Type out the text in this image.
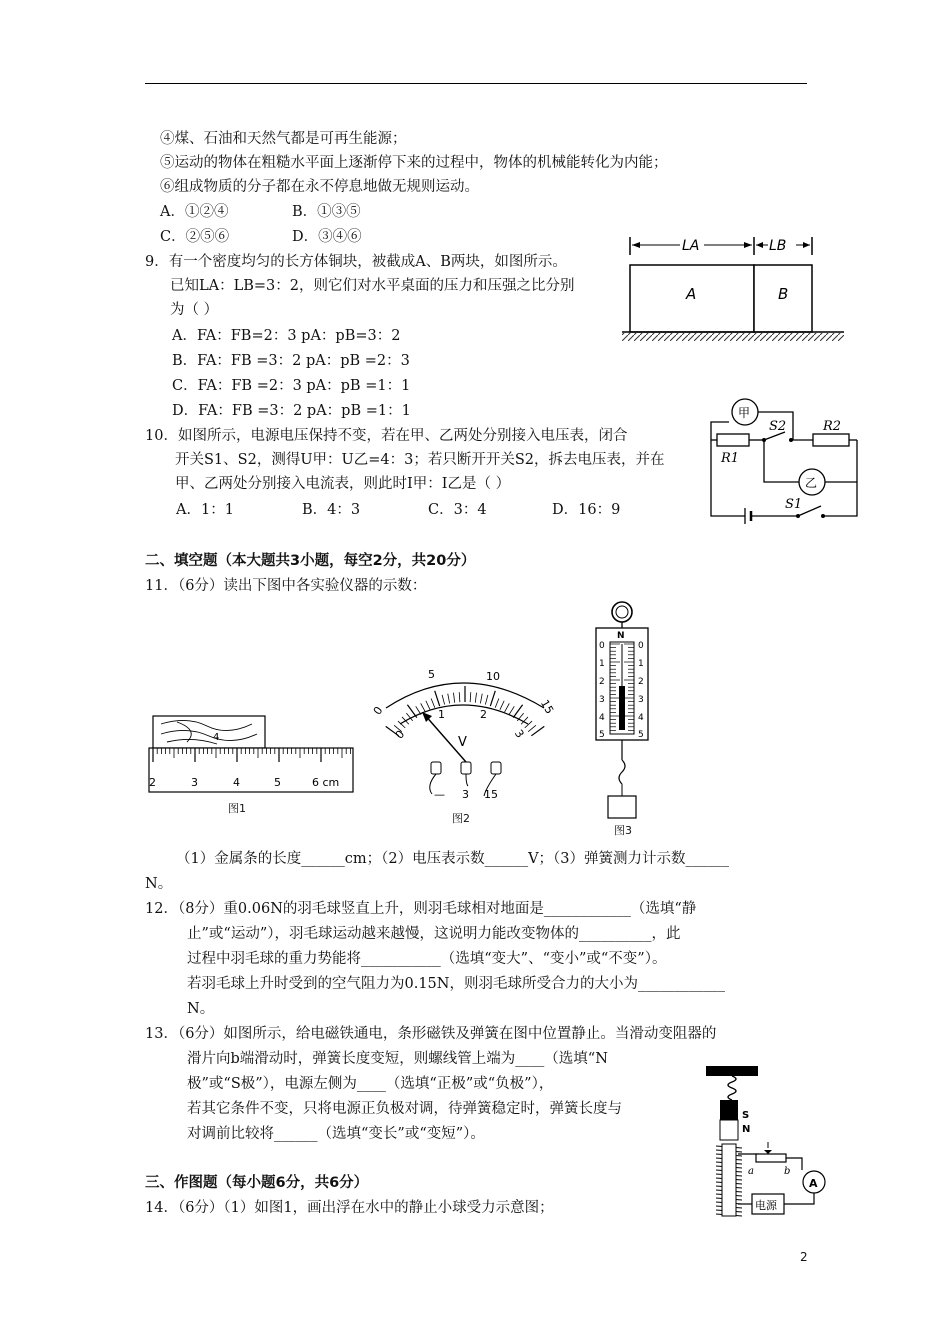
④煤、石油和天然气都是可再生能源；
⑤运动的物体在粗糙水平面上逐渐停下来的过程中，物体的机械能转化为内能；
⑥组成物质的分子都在永不停息地做无规则运动。
A．①②④	B．①③⑤
C．②⑤⑥	D．③④⑥
9．有一个密度均匀的长方体铜块，被截成A、B两块，如图所示。
已知LA：LB=3：2，则它们对水平桌面的压力和压强之比分别
为（ ）
A．FA：FB=2：3 pA：pB=3：2
B．FA：FB =3：2 pA：pB =2：3
C．FA：FB =2：3 pA：pB =1：1
D．FA：FB =3：2 pA：pB =1：1
LA	LB
A	B
10．如图所示，电源电压保持不变，若在甲、乙两处分别接入电压表，闭合
开关S1、S2，测得U甲：U乙=4：3；若只断开开关S2，拆去电压表，并在
甲、乙两处分别接入电流表，则此时I甲：I乙是（ ）
A．1：1	B．4：3	C．3：4	D．16：9	S1
甲
R1
S2	R2
乙
二、填空题（本大题共3小题，每空2分，共20分）
11．（6分）读出下图中各实验仪器的示数：
4
2	3	4	5	6 cm
图1
0
5	10
15
0
1	2
3
V
— 3 15
图2
N
0
1
2
3
4
5
0
1
2
3
4
5
图3
（1）金属条的长度______cm；（2）电压表示数______V；（3）弹簧测力计示数______
N。
12．（8分）重0.06N的羽毛球竖直上升，则羽毛球相对地面是____________（选填“静
止”或“运动”），羽毛球运动越来越慢，这说明力能改变物体的__________，此
过程中羽毛球的重力势能将___________（选填“变大”、“变小”或“不变”）。
若羽毛球上升时受到的空气阻力为0.15N，则羽毛球所受合力的大小为____________
N。
13．（6分）如图所示，给电磁铁通电，条形磁铁及弹簧在图中位置静止。当滑动变阻器的
滑片向b端滑动时，弹簧长度变短，则螺线管上端为____（选填“N
极”或“S极”），电源左侧为____（选填“正极”或“负极”），
若其它条件不变，只将电源正负极对调，待弹簧稳定时，弹簧长度与
对调前比较将______（选填“变长”或“变短”）。
S
N
a	b
A
电源
三、作图题（每小题6分，共6分）
14．（6分）（1）如图1，画出浮在水中的静止小球受力示意图；
2
